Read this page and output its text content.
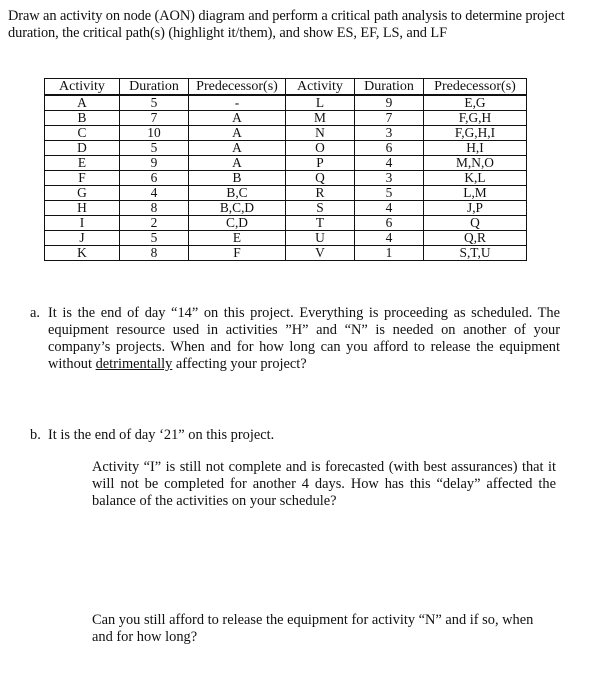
Draw an activity on node (AON) diagram and perform a critical path analysis to determine project duration, the critical path(s) (highlight it/them), and show ES, EF, LS, and LF
Activity	Duration	Predecessor(s)	Activity	Duration	Predecessor(s)
A	5	-	L	9	E,G
B	7	A	M	7	F,G,H
C	10	A	N	3	F,G,H,I
D	5	A	O	6	H,I
E	9	A	P	4	M,N,O
F	6	B	Q	3	K,L
G	4	B,C	R	5	L,M
H	8	B,C,D	S	4	J,P
I	2	C,D	T	6	Q
J	5	E	U	4	Q,R
K	8	F	V	1	S,T,U
a. It is the end of day “14” on this project. Everything is proceeding as scheduled. The equipment resource used in activities ”H” and “N” is needed on another of your company’s projects. When and for how long can you afford to release the equipment without detrimentally affecting your project?
b. It is the end of day ‘21” on this project.
Activity “I” is still not complete and is forecasted (with best assurances) that it will not be completed for another 4 days. How has this “delay” affected the balance of the activities on your schedule?
Can you still afford to release the equipment for activity “N” and if so, when and for how long?
